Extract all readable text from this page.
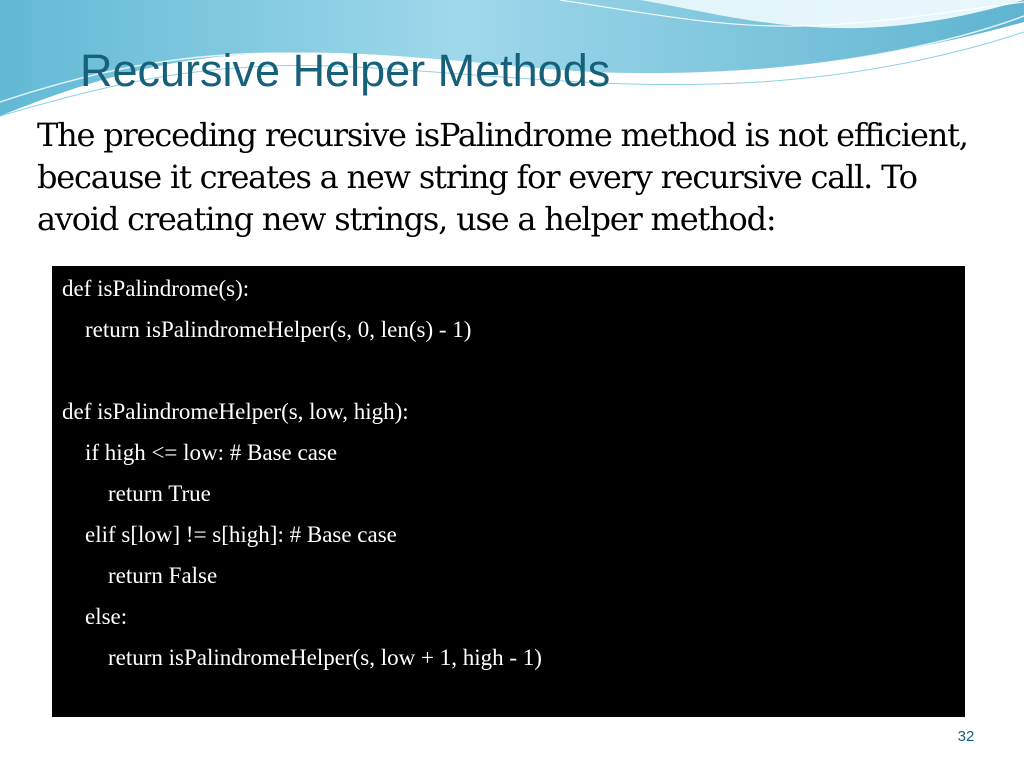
Recursive Helper Methods

The preceding recursive isPalindrome method is not efficient, because it creates a new string for every recursive call. To avoid creating new strings, use a helper method:

def isPalindrome(s):
return isPalindromeHelper(s, 0, len(s) - 1)
def isPalindromeHelper(s, low, high):
if high <= low: # Base case
return True
elif s[low] != s[high]: # Base case
return False
else:
return isPalindromeHelper(s, low + 1, high - 1)
32
